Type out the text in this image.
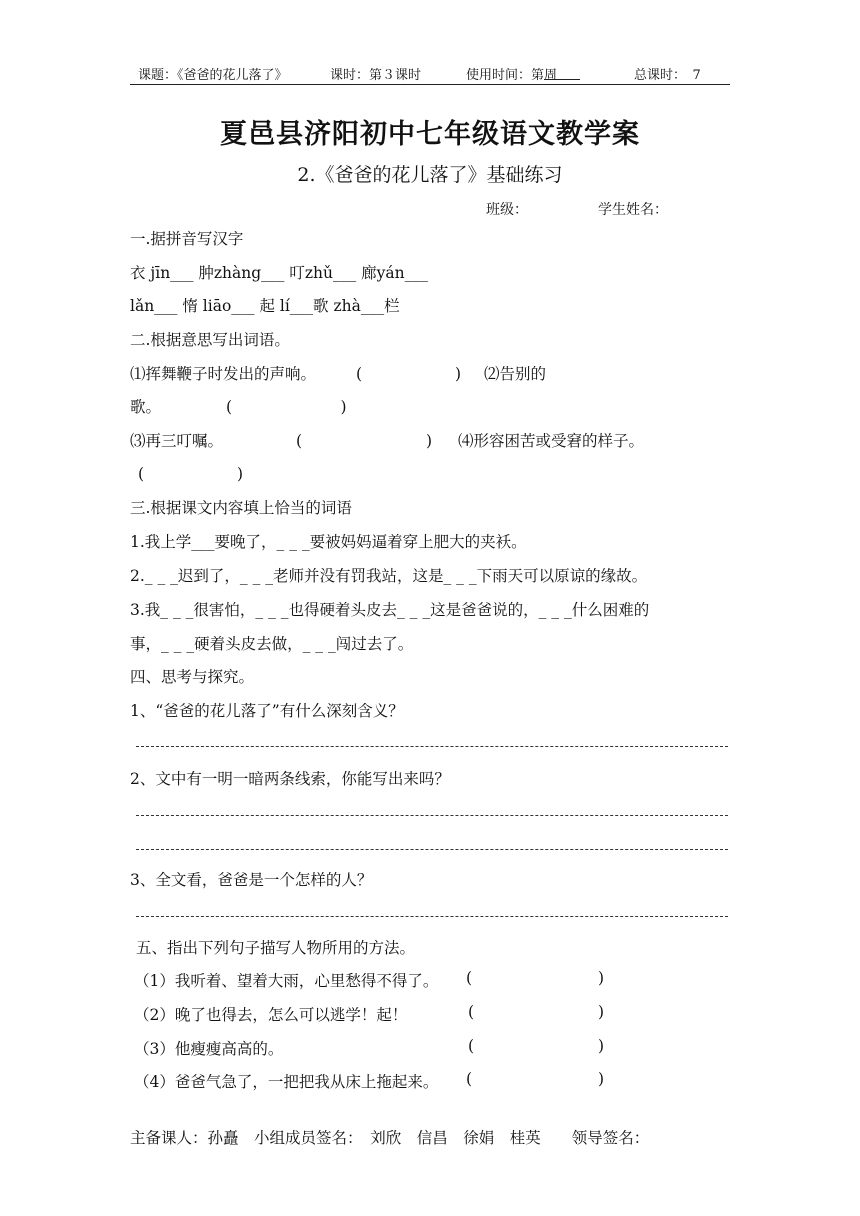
课题：《爸爸的花儿落了》	课时：第３课时	使用时间：第
周	总课时：　7
夏邑县济阳初中七年级语文教学案
2.《爸爸的花儿落了》基础练习
班级：	学生姓名：
一.据拼音写汉字
衣 jīn___ 肿zhàng___ 叮zhǔ___ 廊yán___
lǎn___ 惰 liāo___ 起 lí___歌 zhà___栏
二.根据意思写出词语。
⑴挥舞鞭子时发出的声响。	(　　　　　　) ⑵告别的
歌。	(　　　　　　　)
⑶再三叮嘱。	(　　　　　　　　) ⑷形容困苦或受窘的样子。
(　　　　　　)
三.根据课文内容填上恰当的词语
1.我上学___要晚了，_ _ _要被妈妈逼着穿上肥大的夹袄。
2._ _ _迟到了，_ _ _老师并没有罚我站，这是_ _ _下雨天可以原谅的缘故。
3.我_ _ _很害怕，_ _ _也得硬着头皮去_ _ _这是爸爸说的，_ _ _什么困难的
事，_ _ _硬着头皮去做，_ _ _闯过去了。
四、思考与探究。
1、“爸爸的花儿落了”有什么深刻含义？
2、文中有一明一暗两条线索，你能写出来吗？
3、全文看，爸爸是一个怎样的人？
五、指出下列句子描写人物所用的方法。
（1）我听着、望着大雨，心里愁得不得了。 (	)
（2）晚了也得去，怎么可以逃学！起！	(	)
（3）他瘦瘦高高的。	(	)
（4）爸爸气急了，一把把我从床上拖起来。 (	)
主备课人：孙矗　小组成员签名：　刘欣　信昌　徐娟　桂英　　领导签名：
